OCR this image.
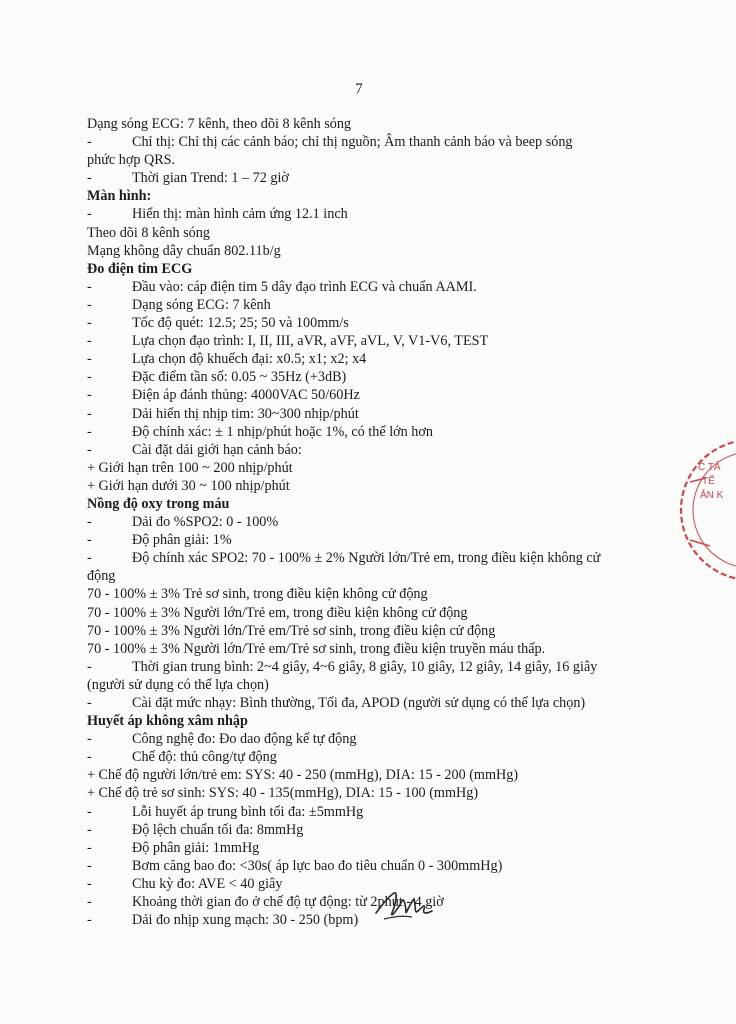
7
Dạng sóng ECG: 7 kênh, theo dõi 8 kênh sóng
-	Chỉ thị: Chỉ thị các cảnh báo; chỉ thị nguồn; Âm thanh cảnh báo và beep sóng
phức hợp QRS.
-	Thời gian Trend: 1 – 72 giờ
Màn hình:
-	Hiển thị: màn hình cảm ứng 12.1 inch
Theo dõi 8 kênh sóng
Mạng không dây chuẩn 802.11b/g
Đo điện tim ECG
-	Đầu vào: cáp điện tim 5 dây đạo trình ECG và chuẩn AAMI.
-	Dạng sóng ECG: 7 kênh
-	Tốc độ quét: 12.5; 25; 50 và 100mm/s
-	Lựa chọn đạo trình: I, II, III, aVR, aVF, aVL, V, V1-V6, TEST
-	Lựa chọn độ khuếch đại: x0.5; x1; x2; x4
-	Đặc điểm tần số: 0.05 ~ 35Hz (+3dB)
-	Điện áp đánh thủng: 4000VAC 50/60Hz
-	Dải hiển thị nhịp tim: 30~300 nhịp/phút
-	Độ chính xác: ± 1 nhịp/phút hoặc 1%, có thể lớn hơn
-	Cài đặt dải giới hạn cảnh báo:
+ Giới hạn trên 100 ~ 200 nhịp/phút
+ Giới hạn dưới 30 ~ 100 nhịp/phút
Nồng độ oxy trong máu
-	Dải đo %SPO2: 0 - 100%
-	Độ phân giải: 1%
-	Độ chính xác SPO2: 70 - 100% ± 2% Người lớn/Trẻ em, trong điều kiện không cử
động
70 - 100% ± 3% Trẻ sơ sinh, trong điều kiện không cử động
70 - 100% ± 3% Người lớn/Trẻ em, trong điều kiện không cử động
70 - 100% ± 3% Người lớn/Trẻ em/Trẻ sơ sinh, trong điều kiện cử động
70 - 100% ± 3% Người lớn/Trẻ em/Trẻ sơ sinh, trong điều kiện truyền máu thấp.
-	Thời gian trung bình: 2~4 giây, 4~6 giây, 8 giây, 10 giây, 12 giây, 14 giây, 16 giây
(người sử dụng có thể lựa chọn)
-	Cài đặt mức nhạy: Bình thường, Tối đa, APOD (người sử dụng có thể lựa chọn)
Huyết áp không xâm nhập
-	Công nghệ đo: Đo dao động kế tự động
-	Chế độ: thủ công/tự động
+ Chế độ người lớn/trẻ em: SYS: 40 - 250 (mmHg), DIA: 15 - 200 (mmHg)
+ Chế độ trẻ sơ sinh: SYS: 40 - 135(mmHg), DIA: 15 - 100 (mmHg)
-	Lỗi huyết áp trung bình tối đa: ±5mmHg
-	Độ lệch chuẩn tối đa: 8mmHg
-	Độ phân giải: 1mmHg
-	Bơm căng bao đo: <30s( áp lực bao đo tiêu chuẩn 0 - 300mmHg)
-	Chu kỳ đo: AVE < 40 giây
-	Khoảng thời gian đo ở chế độ tự động: từ 2phút - 4 giờ
-	Dải đo nhịp xung mạch: 30 - 250 (bpm)
C TẢ
TẾ
ẢN K
